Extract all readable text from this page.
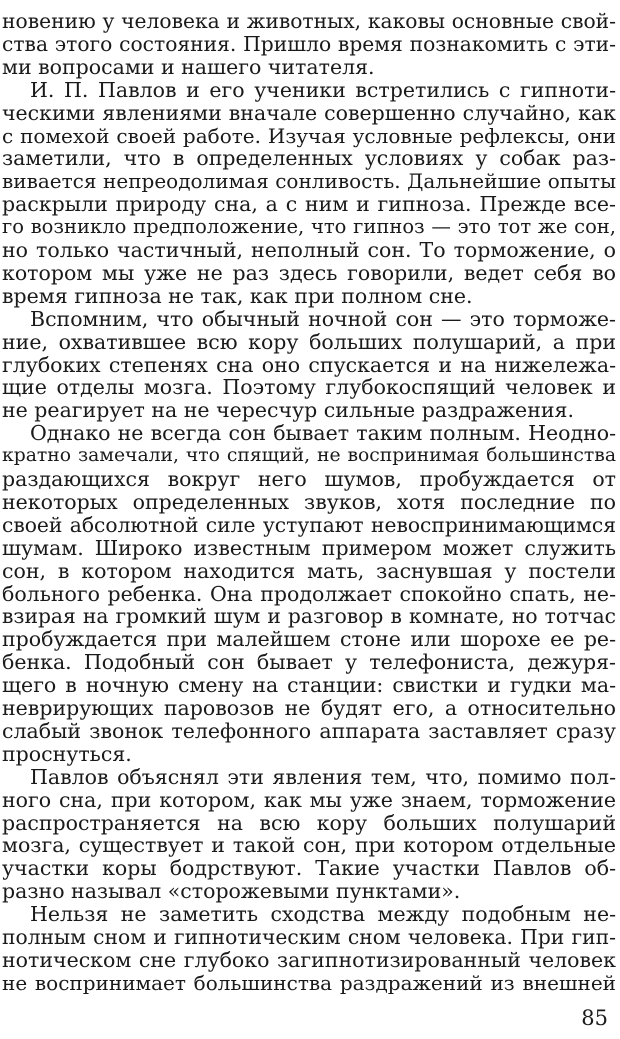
новению у человека и животных, каковы основные свой-
ства этого состояния. Пришло время познакомить с эти-
ми вопросами и нашего читателя.
И. П. Павлов и его ученики встретились с гипноти-
ческими явлениями вначале совершенно случайно, как
с помехой своей работе. Изучая условные рефлексы, они
заметили, что в определенных условиях у собак раз-
вивается непреодолимая сонливость. Дальнейшие опыты
раскрыли природу сна, а с ним и гипноза. Прежде все-
го возникло предположение, что гипноз — это тот же сон,
но только частичный, неполный сон. То торможение, о
котором мы уже не раз здесь говорили, ведет себя во
время гипноза не так, как при полном сне.
Вспомним, что обычный ночной сон — это торможе-
ние, охватившее всю кору больших полушарий, а при
глубоких степенях сна оно спускается и на нижележа-
щие отделы мозга. Поэтому глубокоспящий человек и
не реагирует на не чересчур сильные раздражения.
Однако не всегда сон бывает таким полным. Неодно-
кратно замечали, что спящий, не воспринимая большинства
раздающихся вокруг него шумов, пробуждается от
некоторых определенных звуков, хотя последние по
своей абсолютной силе уступают невоспринимающимся
шумам. Широко известным примером может служить
сон, в котором находится мать, заснувшая у постели
больного ребенка. Она продолжает спокойно спать, не-
взирая на громкий шум и разговор в комнате, но тотчас
пробуждается при малейшем стоне или шорохе ее ре-
бенка. Подобный сон бывает у телефониста, дежуря-
щего в ночную смену на станции: свистки и гудки ма-
неврирующих паровозов не будят его, а относительно
слабый звонок телефонного аппарата заставляет сразу
проснуться.
Павлов объяснял эти явления тем, что, помимо пол-
ного сна, при котором, как мы уже знаем, торможение
распространяется на всю кору больших полушарий
мозга, существует и такой сон, при котором отдельные
участки коры бодрствуют. Такие участки Павлов об-
разно называл «сторожевыми пунктами».
Нельзя не заметить сходства между подобным не-
полным сном и гипнотическим сном человека. При гип-
нотическом сне глубоко загипнотизированный человек
не воспринимает большинства раздражений из внешней
85
